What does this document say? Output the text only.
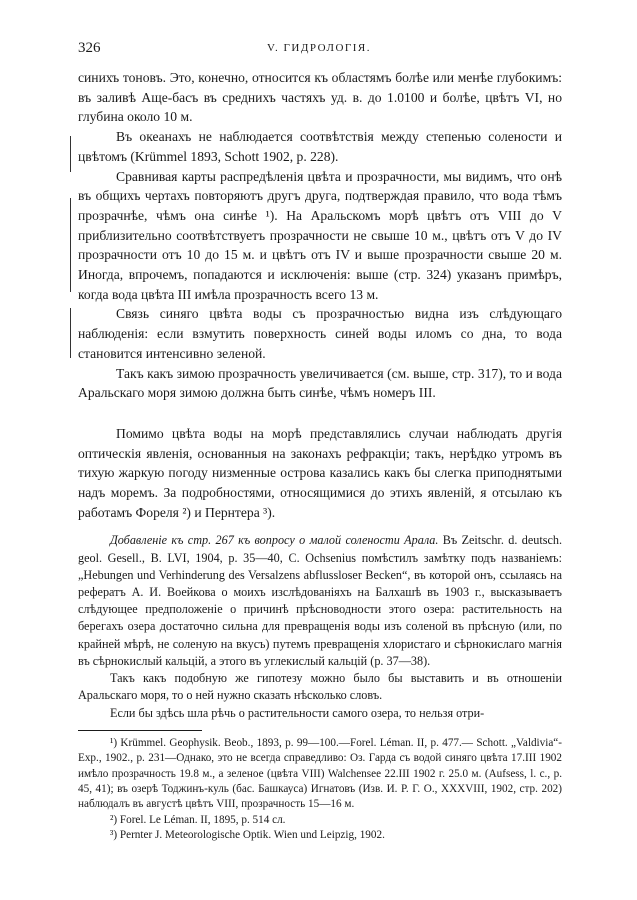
326	V. ГИДРОЛОГІЯ.

синихъ тоновъ. Это, конечно, относится къ областямъ болѣе или менѣе глубокимъ: въ заливѣ Аще-басъ въ среднихъ частяхъ уд. в. до 1.0100 и болѣе, цвѣтъ VI, но глубина около 10 м.

Въ океанахъ не наблюдается соотвѣтствія между степенью солености и цвѣтомъ (Krümmel 1893, Schott 1902, p. 228).

Сравнивая карты распредѣленія цвѣта и прозрачности, мы видимъ, что онѣ въ общихъ чертахъ повторяютъ другъ друга, подтверждая правило, что вода тѣмъ прозрачнѣе, чѣмъ она синѣе ¹). На Аральскомъ морѣ цвѣтъ отъ VIII до V приблизительно соотвѣтствуетъ прозрачности не свыше 10 м., цвѣтъ отъ V до IV прозрачности отъ 10 до 15 м. и цвѣтъ отъ IV и выше прозрачности свыше 20 м. Иногда, впрочемъ, попадаются и исключенія: выше (стр. 324) указанъ примѣръ, когда вода цвѣта III имѣла прозрачность всего 13 м.

Связь синяго цвѣта воды съ прозрачностью видна изъ слѣдующаго наблюденія: если взмутить поверхность синей воды иломъ со дна, то вода становится интенсивно зеленой.

Такъ какъ зимою прозрачность увеличивается (см. выше, стр. 317), то и вода Аральскаго моря зимою должна быть синѣе, чѣмъ номеръ III.

Помимо цвѣта воды на морѣ представлялись случаи наблюдать другія оптическія явленія, основанныя на законахъ рефракціи; такъ, нерѣдко утромъ въ тихую жаркую погоду низменные острова казались какъ бы слегка приподнятыми надъ моремъ. За подробностями, относящимися до этихъ явленій, я отсылаю къ работамъ Фореля ²) и Пернтера ³).

Добавленіе къ стр. 267 къ вопросу о малой солености Арала. Въ Zeitschr. d. deutsch. geol. Gesell., B. LVI, 1904, p. 35—40, C. Ochsenius помѣстилъ замѣтку подъ названіемъ: „Hebungen und Verhinderung des Versalzens abflussloser Becken“, въ которой онъ, ссылаясь на рефератъ А. И. Воейкова о моихъ изслѣдованіяхъ на Балхашѣ въ 1903 г., высказываетъ слѣдующее предположеніе о причинѣ прѣсноводности этого озера: растительность на берегахъ озера достаточно сильна для превращенія воды изъ соленой въ прѣсную (или, по крайней мѣрѣ, не соленую на вкусъ) путемъ превращенія хлористаго и сѣрнокислаго магнія въ сѣрнокислый кальцій, а этого въ углекислый кальцій (p. 37—38).

Такъ какъ подобную же гипотезу можно было бы выставить и въ отношеніи Аральскаго моря, то о ней нужно сказать нѣсколько словъ.

Если бы здѣсь шла рѣчь о растительности самого озера, то нельзя отри-

¹) Krümmel. Geophysik. Beob., 1893, p. 99—100.—Forel. Léman. II, p. 477.— Schott. „Valdivia“-Exp., 1902., p. 231—Однако, это не всегда справедливо: Оз. Гарда съ водой синяго цвѣта 17.III 1902 имѣло прозрачность 19.8 м., а зеленое (цвѣта VIII) Walchensee 22.III 1902 г. 25.0 м. (Aufsess, l. c., p. 45, 41); въ озерѣ Тоджинъ-куль (бас. Башкауса) Игнатовъ (Изв. И. Р. Г. О., XXXVIII, 1902, стр. 202) наблюдалъ въ августѣ цвѣтъ VIII, прозрачность 15—16 м.

²) Forel. Le Léman. II, 1895, p. 514 сл.

³) Pernter J. Meteorologische Optik. Wien und Leipzig, 1902.
